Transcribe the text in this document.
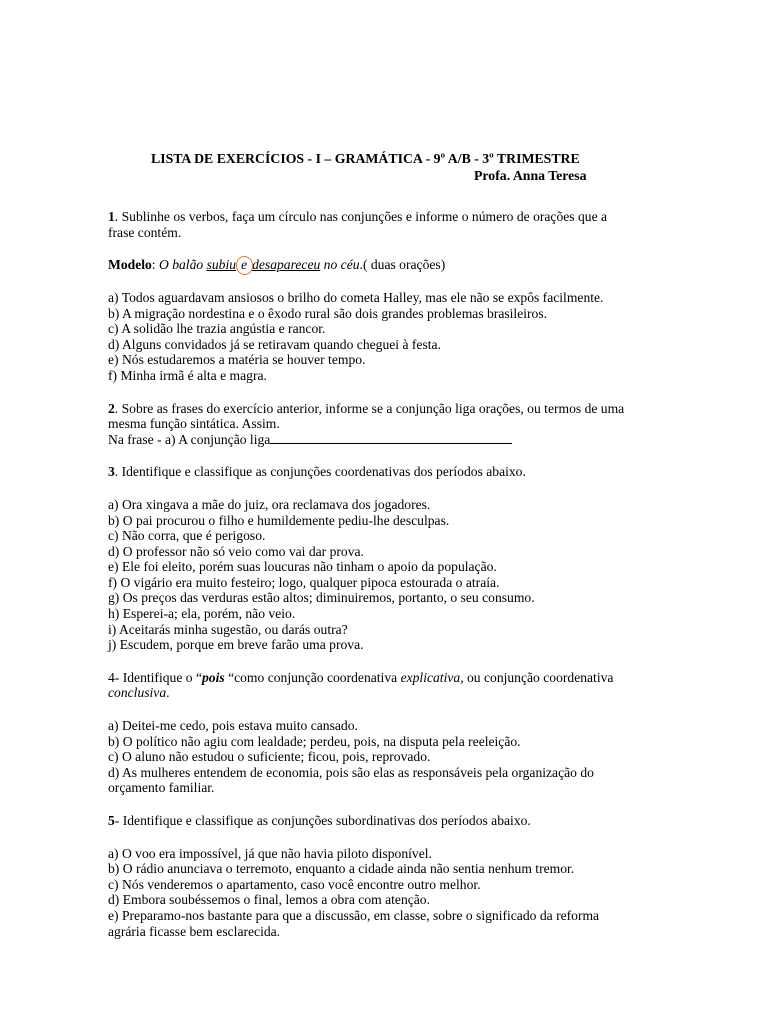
LISTA DE EXERCÍCIOS - I – GRAMÁTICA - 9º A/B - 3º TRIMESTRE

Profa. Anna Teresa

1. Sublinhe os verbos, faça um círculo nas conjunções e informe o número de orações que a
frase contém.
Modelo: O balão subiu e desapareceu no céu.( duas orações)
a) Todos aguardavam ansiosos o brilho do cometa Halley, mas ele não se expôs facilmente.
b) A migração nordestina e o êxodo rural são dois grandes problemas brasileiros.
c) A solidão lhe trazia angústia e rancor.
d) Alguns convidados já se retiravam quando cheguei à festa.
e) Nós estudaremos a matéria se houver tempo.
f) Minha irmã é alta e magra.
2. Sobre as frases do exercício anterior, informe se a conjunção liga orações, ou termos de uma
mesma função sintática. Assim.
Na frase - a) A conjunção liga
3. Identifique e classifique as conjunções coordenativas dos períodos abaixo.
a) Ora xingava a mãe do juiz, ora reclamava dos jogadores.
b) O pai procurou o filho e humildemente pediu-lhe desculpas.
c) Não corra, que é perigoso.
d) O professor não só veio como vai dar prova.
e) Ele foi eleito, porém suas loucuras não tinham o apoio da população.
f) O vigário era muito festeiro; logo, qualquer pipoca estourada o atraía.
g) Os preços das verduras estão altos; diminuiremos, portanto, o seu consumo.
h) Esperei-a; ela, porém, não veio.
i) Aceitarás minha sugestão, ou darás outra?
j) Escudem, porque em breve farão uma prova.
4- Identifique o “pois “como conjunção coordenativa explicativa, ou conjunção coordenativa
conclusiva.
a) Deitei-me cedo, pois estava muito cansado.
b) O político não agiu com lealdade; perdeu, pois, na disputa pela reeleição.
c) O aluno não estudou o suficiente; ficou, pois, reprovado.
d) As mulheres entendem de economia, pois são elas as responsáveis pela organização do
orçamento familiar.
5- Identifique e classifique as conjunções subordinativas dos períodos abaixo.
a) O voo era impossível, já que não havia piloto disponível.
b) O rádio anunciava o terremoto, enquanto a cidade ainda não sentia nenhum tremor.
c) Nós venderemos o apartamento, caso você encontre outro melhor.
d) Embora soubéssemos o final, lemos a obra com atenção.
e) Preparamo-nos bastante para que a discussão, em classe, sobre o significado da reforma
agrária ficasse bem esclarecida.
